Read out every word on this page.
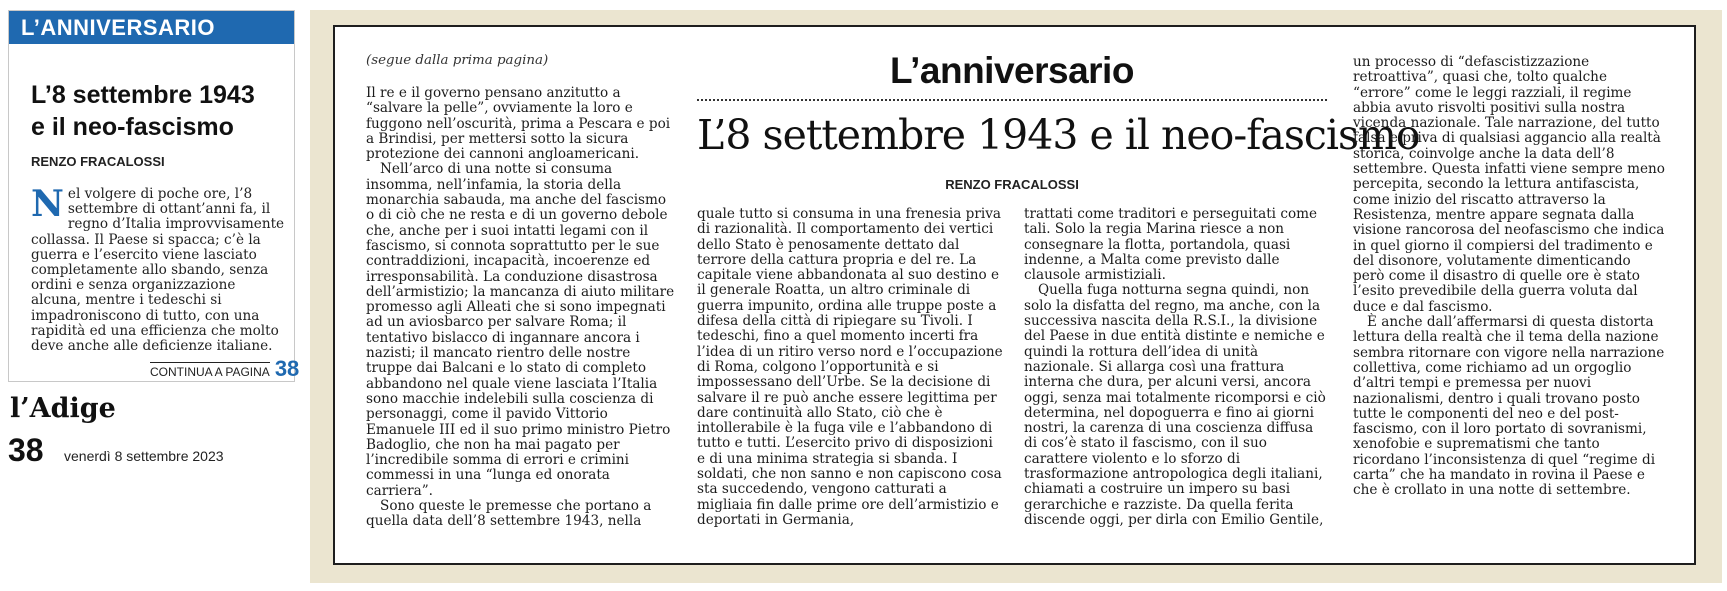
L’ANNIVERSARIO
L’8 settembre 1943
e il neo-fascismo
RENZO FRACALOSSI
Nel volgere di poche ore, l’8 settembre di ottant’anni fa, il regno d’Italia improvvisamente collassa. Il Paese si spacca; c’è la guerra e l’esercito viene lasciato completamente allo sbando, senza ordini e senza organizzazione alcuna, mentre i tedeschi si impadroniscono di tutto, con una rapidità ed una efficienza che molto deve anche alle deficienze italiane.
CONTINUA A PAGINA 38
l’Adige
38 venerdì 8 settembre 2023
(segue dalla prima pagina)	L’anniversario
L’8 settembre 1943 e il neo-fascismo
RENZO FRACALOSSI

Il re e il governo pensano anzitutto a “salvare la pelle”, ovviamente la loro e fuggono nell’oscurità, prima a Pescara e poi a Brindisi, per mettersi sotto la sicura protezione dei cannoni angloamericani.

Nell’arco di una notte si consuma insomma, nell’infamia, la storia della monarchia sabauda, ma anche del fascismo o di ciò che ne resta e di un governo debole che, anche per i suoi intatti legami con il fascismo, si connota soprattutto per le sue contraddizioni, incapacità, incoerenze ed irresponsabilità. La conduzione disastrosa dell’armistizio; la mancanza di aiuto militare promesso agli Alleati che si sono impegnati ad un aviosbarco per salvare Roma; il tentativo bislacco di ingannare ancora i nazisti; il mancato rientro delle nostre truppe dai Balcani e lo stato di completo abbandono nel quale viene lasciata l’Italia sono macchie indelebili sulla coscienza di personaggi, come il pavido Vittorio Emanuele III ed il suo primo ministro Pietro Badoglio, che non ha mai pagato per l’incredibile somma di errori e crimini commessi in una “lunga ed onorata carriera”.

Sono queste le premesse che portano a quella data dell’8 settembre 1943, nella

quale tutto si consuma in una frenesia priva di razionalità. Il comportamento dei vertici dello Stato è penosamente dettato dal terrore della cattura propria e del re. La capitale viene abbandonata al suo destino e il generale Roatta, un altro criminale di guerra impunito, ordina alle truppe poste a difesa della città di ripiegare su Tivoli. I tedeschi, fino a quel momento incerti fra l’idea di un ritiro verso nord e l’occupazione di Roma, colgono l’opportunità e si impossessano dell’Urbe. Se la decisione di salvare il re può anche essere legittima per dare continuità allo Stato, ciò che è intollerabile è la fuga vile e l’abbandono di tutto e tutti. L’esercito privo di disposizioni e di una minima strategia si sbanda. I soldati, che non sanno e non capiscono cosa sta succedendo, vengono catturati a migliaia fin dalle prime ore dell’armistizio e deportati in Germania,

trattati come traditori e perseguitati come tali. Solo la regia Marina riesce a non consegnare la flotta, portandola, quasi indenne, a Malta come previsto dalle clausole armistiziali.

Quella fuga notturna segna quindi, non solo la disfatta del regno, ma anche, con la successiva nascita della R.S.I., la divisione del Paese in due entità distinte e nemiche e quindi la rottura dell’idea di unità nazionale. Si allarga così una frattura interna che dura, per alcuni versi, ancora oggi, senza mai totalmente ricomporsi e ciò determina, nel dopoguerra e fino ai giorni nostri, la carenza di una coscienza diffusa di cos’è stato il fascismo, con il suo carattere violento e lo sforzo di trasformazione antropologica degli italiani, chiamati a costruire un impero su basi gerarchiche e razziste. Da quella ferita discende oggi, per dirla con Emilio Gentile,

un processo di “defascistizzazione retroattiva”, quasi che, tolto qualche “errore” come le leggi razziali, il regime abbia avuto risvolti positivi sulla nostra vicenda nazionale. Tale narrazione, del tutto falsa e priva di qualsiasi aggancio alla realtà storica, coinvolge anche la data dell’8 settembre. Questa infatti viene sempre meno percepita, secondo la lettura antifascista, come inizio del riscatto attraverso la Resistenza, mentre appare segnata dalla visione rancorosa del neofascismo che indica in quel giorno il compiersi del tradimento e del disonore, volutamente dimenticando però come il disastro di quelle ore è stato l’esito prevedibile della guerra voluta dal duce e dal fascismo.

È anche dall’affermarsi di questa distorta lettura della realtà che il tema della nazione sembra ritornare con vigore nella narrazione collettiva, come richiamo ad un orgoglio d’altri tempi e premessa per nuovi nazionalismi, dentro i quali trovano posto tutte le componenti del neo e del post-fascismo, con il loro portato di sovranismi, xenofobie e suprematismi che tanto ricordano l’inconsistenza di quel “regime di carta” che ha mandato in rovina il Paese e che è crollato in una notte di settembre.
